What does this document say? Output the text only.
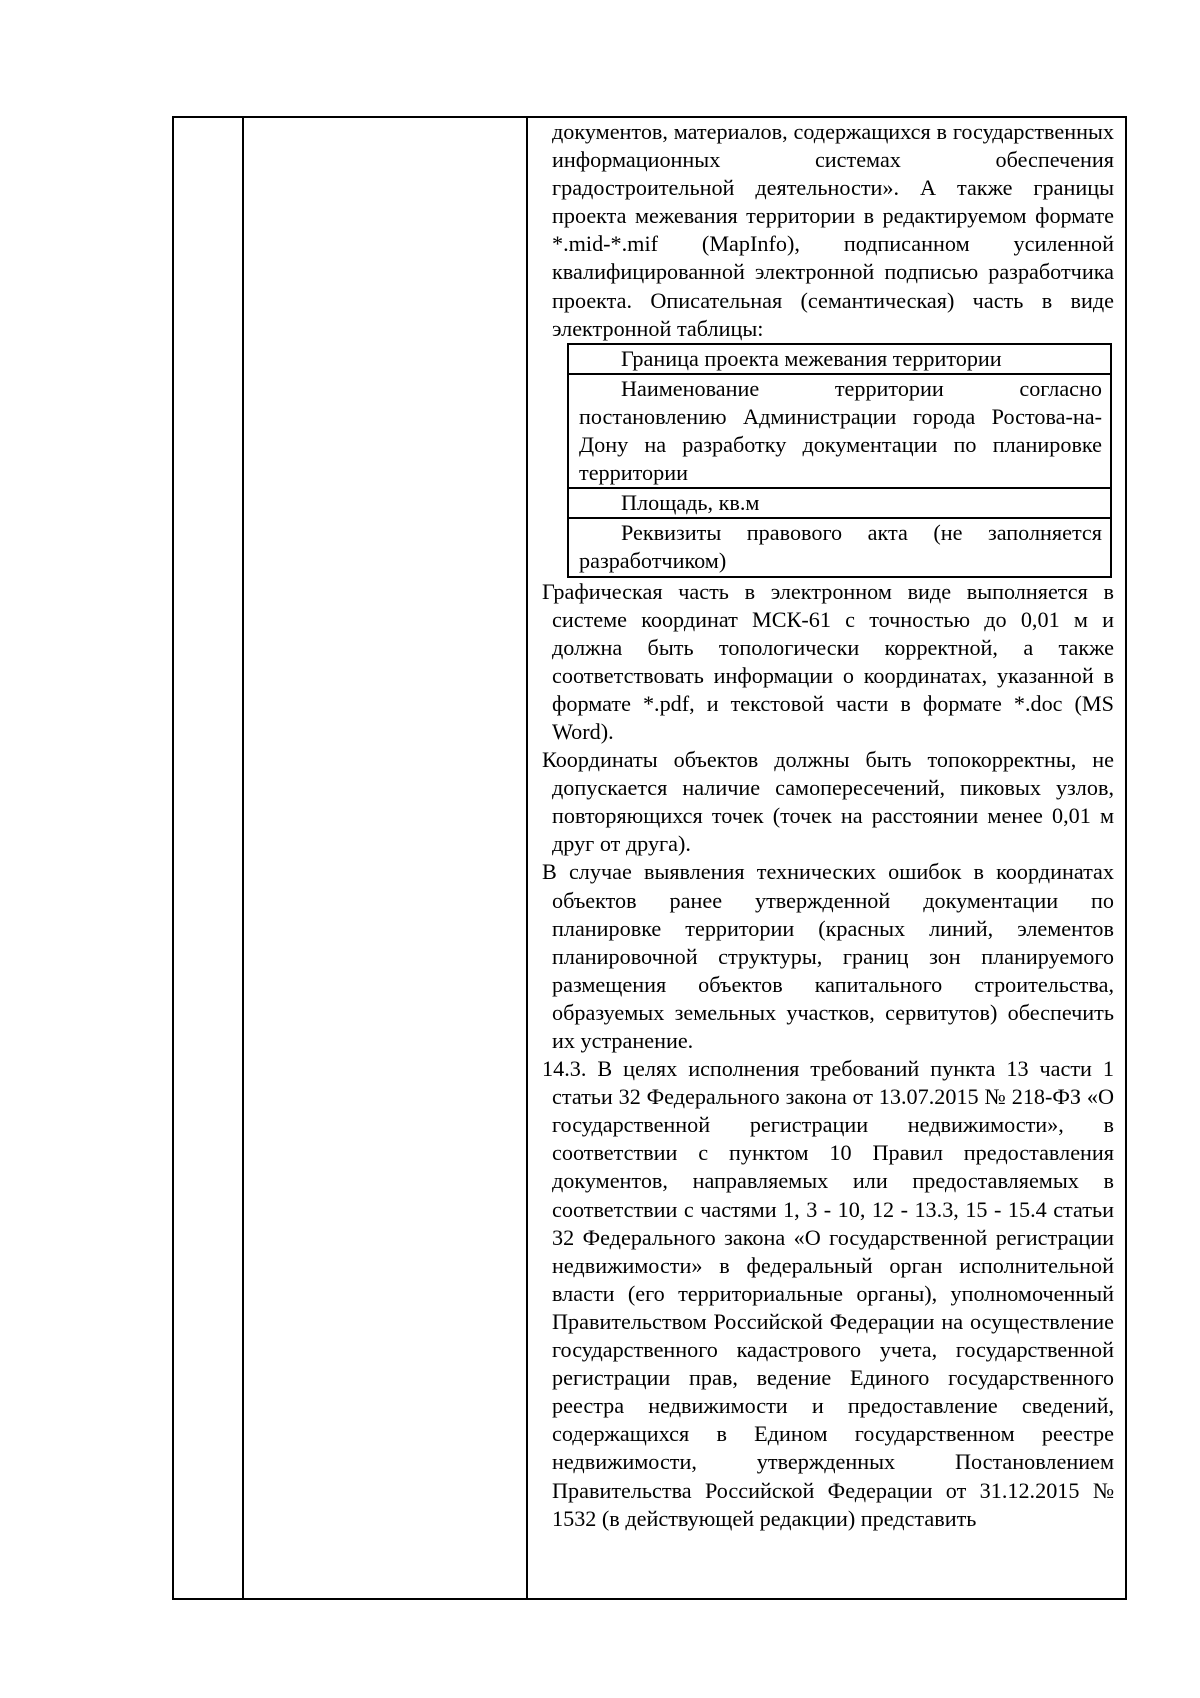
документов, материалов, содержащихся в государственных информационных системах обеспечения градостроительной деятельности». А также границы проекта межевания территории в редактируемом формате *.mid-*.mif (MapInfo), подписанном усиленной квалифицированной электронной подписью разработчика проекта. Описательная (семантическая) часть в виде электронной таблицы:

Граница проекта межевания территории
Наименование территории согласно постановлению Администрации города Ростова-на-Дону на разработку документации по планировке территории
Площадь, кв.м
Реквизиты правового акта (не заполняется разработчиком)

Графическая часть в электронном виде выполняется в системе координат МСК-61 с точностью до 0,01 м и должна быть топологически корректной, а также соответствовать информации о координатах, указанной в формате *.pdf, и текстовой части в формате *.doc (MS Word).

Координаты объектов должны быть топокорректны, не допускается наличие самопересечений, пиковых узлов, повторяющихся точек (точек на расстоянии менее 0,01 м друг от друга).

В случае выявления технических ошибок в координатах объектов ранее утвержденной документации по планировке территории (красных линий, элементов планировочной структуры, границ зон планируемого размещения объектов капитального строительства, образуемых земельных участков, сервитутов) обеспечить их устранение.

14.3. В целях исполнения требований пункта 13 части 1 статьи 32 Федерального закона от 13.07.2015 № 218-ФЗ «О государственной регистрации недвижимости», в соответствии с пунктом 10 Правил предоставления документов, направляемых или предоставляемых в соответствии с частями 1, 3 - 10, 12 - 13.3, 15 - 15.4 статьи 32 Федерального закона «О государственной регистрации недвижимости» в федеральный орган исполнительной власти (его территориальные органы), уполномоченный Правительством Российской Федерации на осуществление государственного кадастрового учета, государственной регистрации прав, ведение Единого государственного реестра недвижимости и предоставление сведений, содержащихся в Едином государственном реестре недвижимости, утвержденных Постановлением Правительства Российской Федерации от 31.12.2015 № 1532 (в действующей редакции) представить
